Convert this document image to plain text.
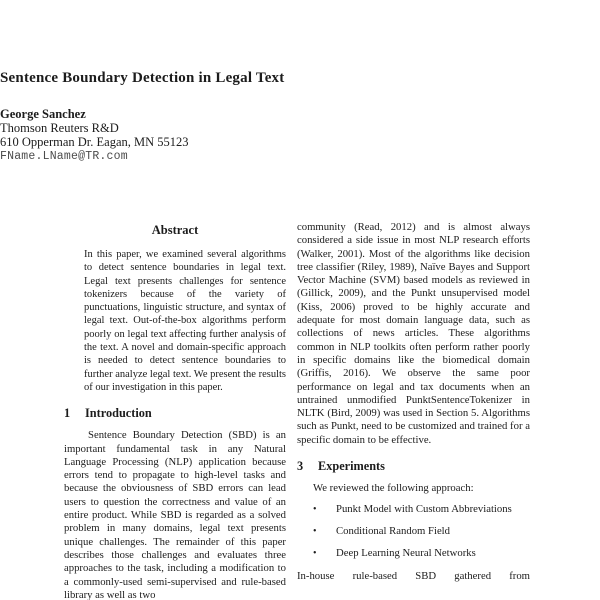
Sentence Boundary Detection in Legal Text
George Sanchez
Thomson Reuters R&D
610 Opperman Dr. Eagan, MN 55123
FName.LName@TR.com
Abstract

In this paper, we examined several algorithms to detect sentence boundaries in legal text. Legal text presents challenges for sentence tokenizers because of the variety of punctuations, linguistic structure, and syntax of legal text. Out-of-the-box algorithms perform poorly on legal text affecting further analysis of the text. A novel and domain-specific approach is needed to detect sentence boundaries to further analyze legal text. We present the results of our investigation in this paper.

1	Introduction

Sentence Boundary Detection (SBD) is an important fundamental task in any Natural Language Processing (NLP) application because errors tend to propagate to high-level tasks and because the obviousness of SBD errors can lead users to question the correctness and value of an entire product. While SBD is regarded as a solved problem in many domains, legal text presents unique challenges. The remainder of this paper describes those challenges and evaluates three approaches to the task, including a modification to a commonly-used semi-supervised and rule-based library as well as two

community (Read, 2012) and is almost always considered a side issue in most NLP research efforts (Walker, 2001). Most of the algorithms like decision tree classifier (Riley, 1989), Naïve Bayes and Support Vector Machine (SVM) based models as reviewed in (Gillick, 2009), and the Punkt unsupervised model (Kiss, 2006) proved to be highly accurate and adequate for most domain language data, such as collections of news articles. These algorithms common in NLP toolkits often perform rather poorly in specific domains like the biomedical domain (Griffis, 2016). We observe the same poor performance on legal and tax documents when an untrained unmodified PunktSentenceTokenizer in NLTK (Bird, 2009) was used in Section 5. Algorithms such as Punkt, need to be customized and trained for a specific domain to be effective.

3	Experiments

We reviewed the following approach:

•	Punkt Model with Custom Abbreviations
•	Conditional Random Field
•	Deep Learning Neural Networks

In-house rule-based SBD gathered from
